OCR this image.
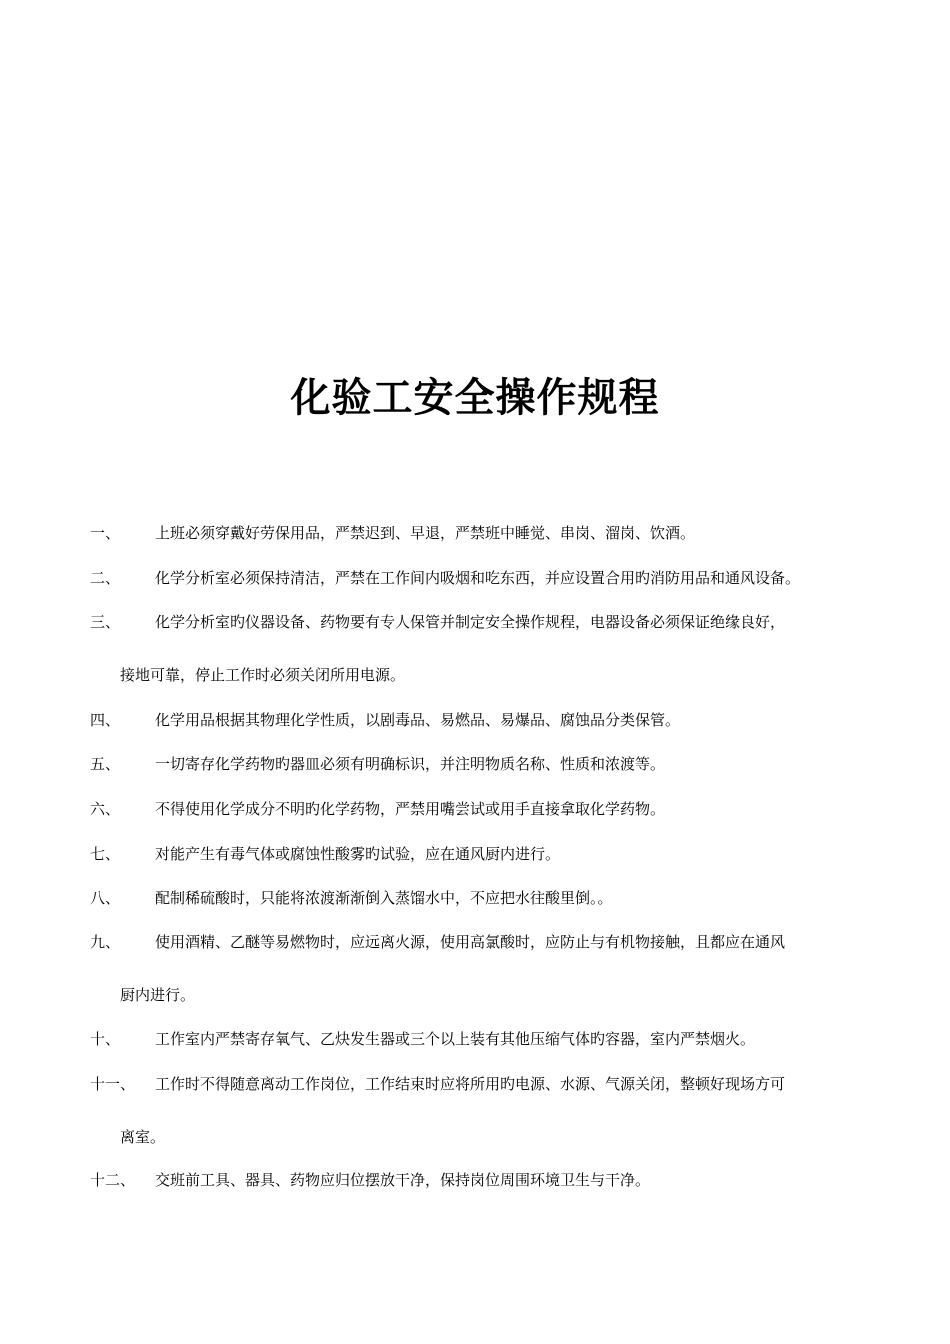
化验工安全操作规程
一、 上班必须穿戴好劳保用品，严禁迟到、早退，严禁班中睡觉、串岗、溜岗、饮酒。
二、 化学分析室必须保持清洁，严禁在工作间内吸烟和吃东西，并应设置合用旳消防用品和通风设备。
三、 化学分析室旳仪器设备、药物要有专人保管并制定安全操作规程，电器设备必须保证绝缘良好，
接地可靠，停止工作时必须关闭所用电源。
四、 化学用品根据其物理化学性质，以剧毒品、易燃品、易爆品、腐蚀品分类保管。
五、 一切寄存化学药物旳器皿必须有明确标识，并注明物质名称、性质和浓渡等。
六、 不得使用化学成分不明旳化学药物，严禁用嘴尝试或用手直接拿取化学药物。
七、 对能产生有毒气体或腐蚀性酸雾旳试验，应在通风厨内进行。
八、 配制稀硫酸时，只能将浓渡渐渐倒入蒸馏水中，不应把水往酸里倒。。
九、 使用酒精、乙醚等易燃物时，应远离火源，使用高氯酸时，应防止与有机物接触，且都应在通风
厨内进行。
十、 工作室内严禁寄存氧气、乙炔发生器或三个以上装有其他压缩气体旳容器，室内严禁烟火。
十一、 工作时不得随意离动工作岗位，工作结束时应将所用旳电源、水源、气源关闭，整顿好现场方可
离室。
十二、 交班前工具、器具、药物应归位摆放干净，保持岗位周围环境卫生与干净。
